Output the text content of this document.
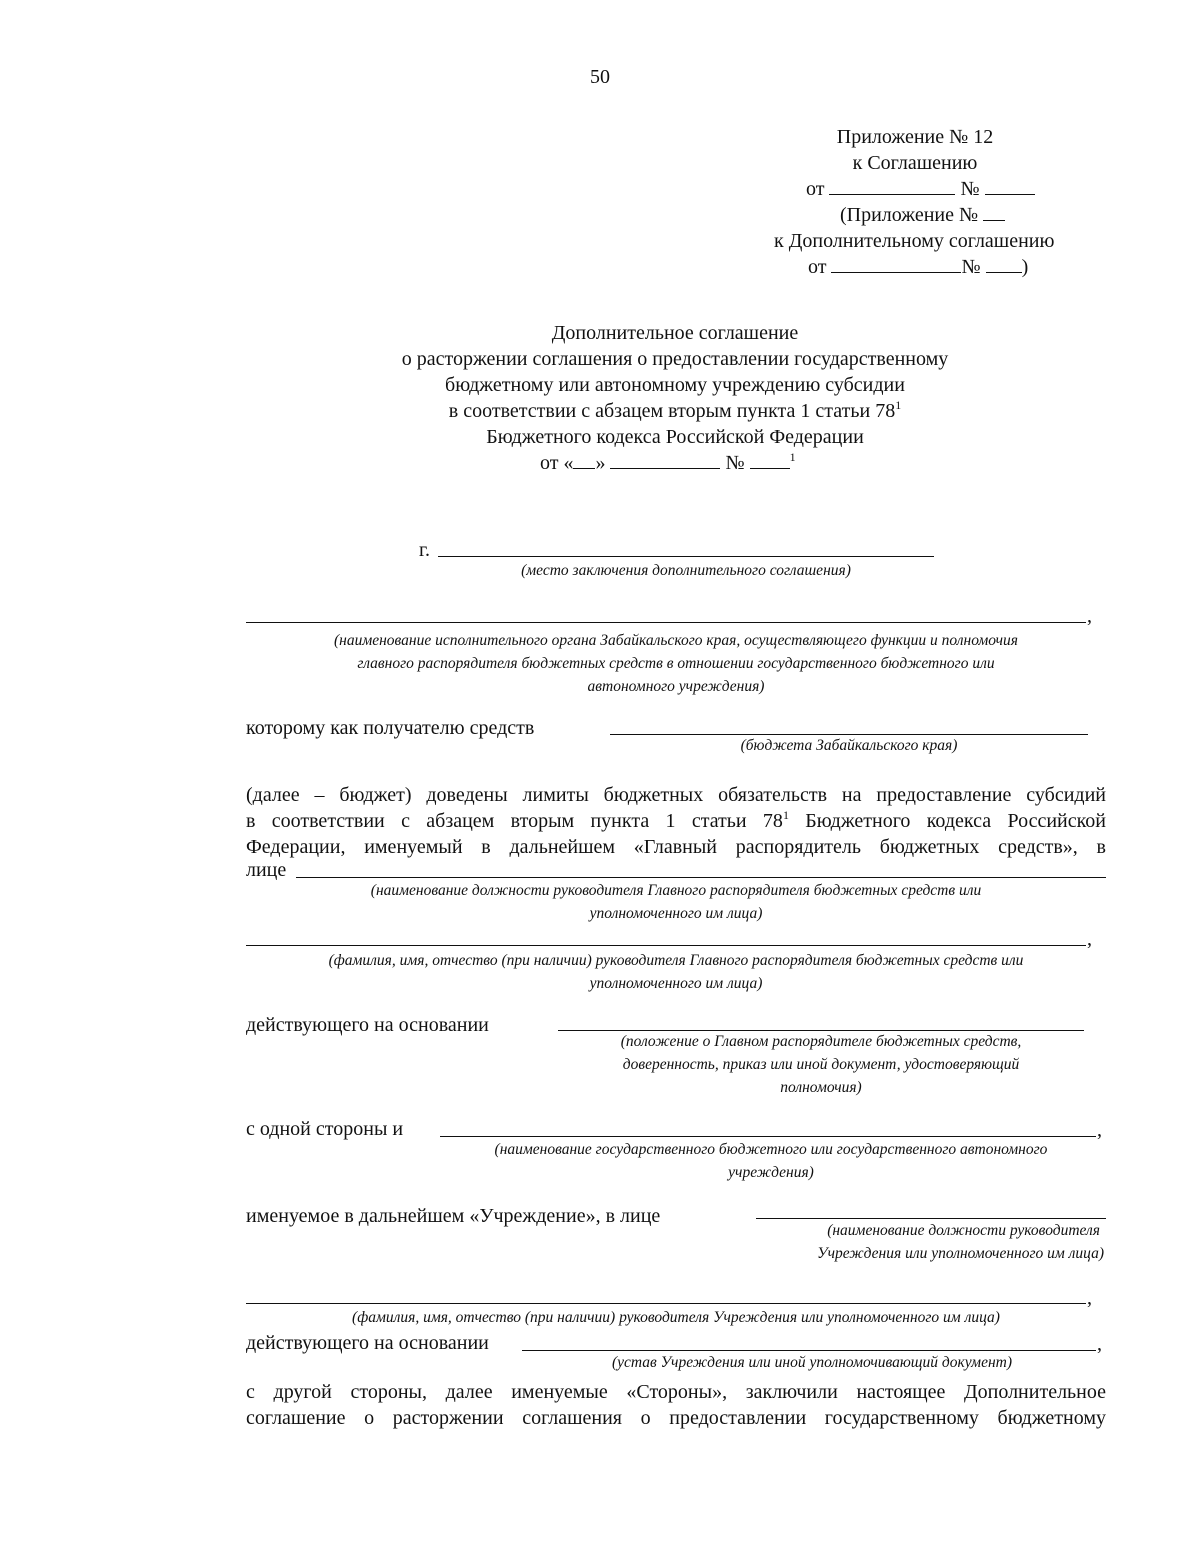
50
Приложение № 12
к Соглашению
от	№
(Приложение №
к Дополнительному соглашению
от	№ )
Дополнительное соглашение
о расторжении соглашения о предоставлении государственному
бюджетному или автономному учреждению субсидии
в соответствии с абзацем вторым пункта 1 статьи $78^1$
Бюджетного кодекса Российской Федерации
от « »	№	$^1$
г.
(место заключения дополнительного соглашения)
,
(наименование исполнительного органа Забайкальского края, осуществляющего функции и полномочия
главного распорядителя бюджетных средств в отношении государственного бюджетного или
автономного учреждения)
которому как получателю средств
(бюджета Забайкальского края)
(далее – бюджет) доведены лимиты бюджетных обязательств на предоставление субсидий
в соответствии с абзацем вторым пункта 1 статьи $78^1$ Бюджетного кодекса Российской
Федерации, именуемый в дальнейшем «Главный распорядитель бюджетных средств», в
лице
(наименование должности руководителя Главного распорядителя бюджетных средств или
уполномоченного им лица)
,
(фамилия, имя, отчество (при наличии) руководителя Главного распорядителя бюджетных средств или
уполномоченного им лица)
действующего на основании
(положение о Главном распорядителе бюджетных средств,
доверенность, приказ или иной документ, удостоверяющий
полномочия)
с одной стороны и	,
(наименование государственного бюджетного или государственного автономного
учреждения)
именуемое в дальнейшем «Учреждение», в лице
(наименование должности руководителя
Учреждения или уполномоченного им лица)
,
(фамилия, имя, отчество (при наличии) руководителя Учреждения или уполномоченного им лица)
действующего на основании	,
(устав Учреждения или иной уполномочивающий документ)
с другой стороны, далее именуемые «Стороны», заключили настоящее Дополнительное
соглашение о расторжении соглашения о предоставлении государственному бюджетному
